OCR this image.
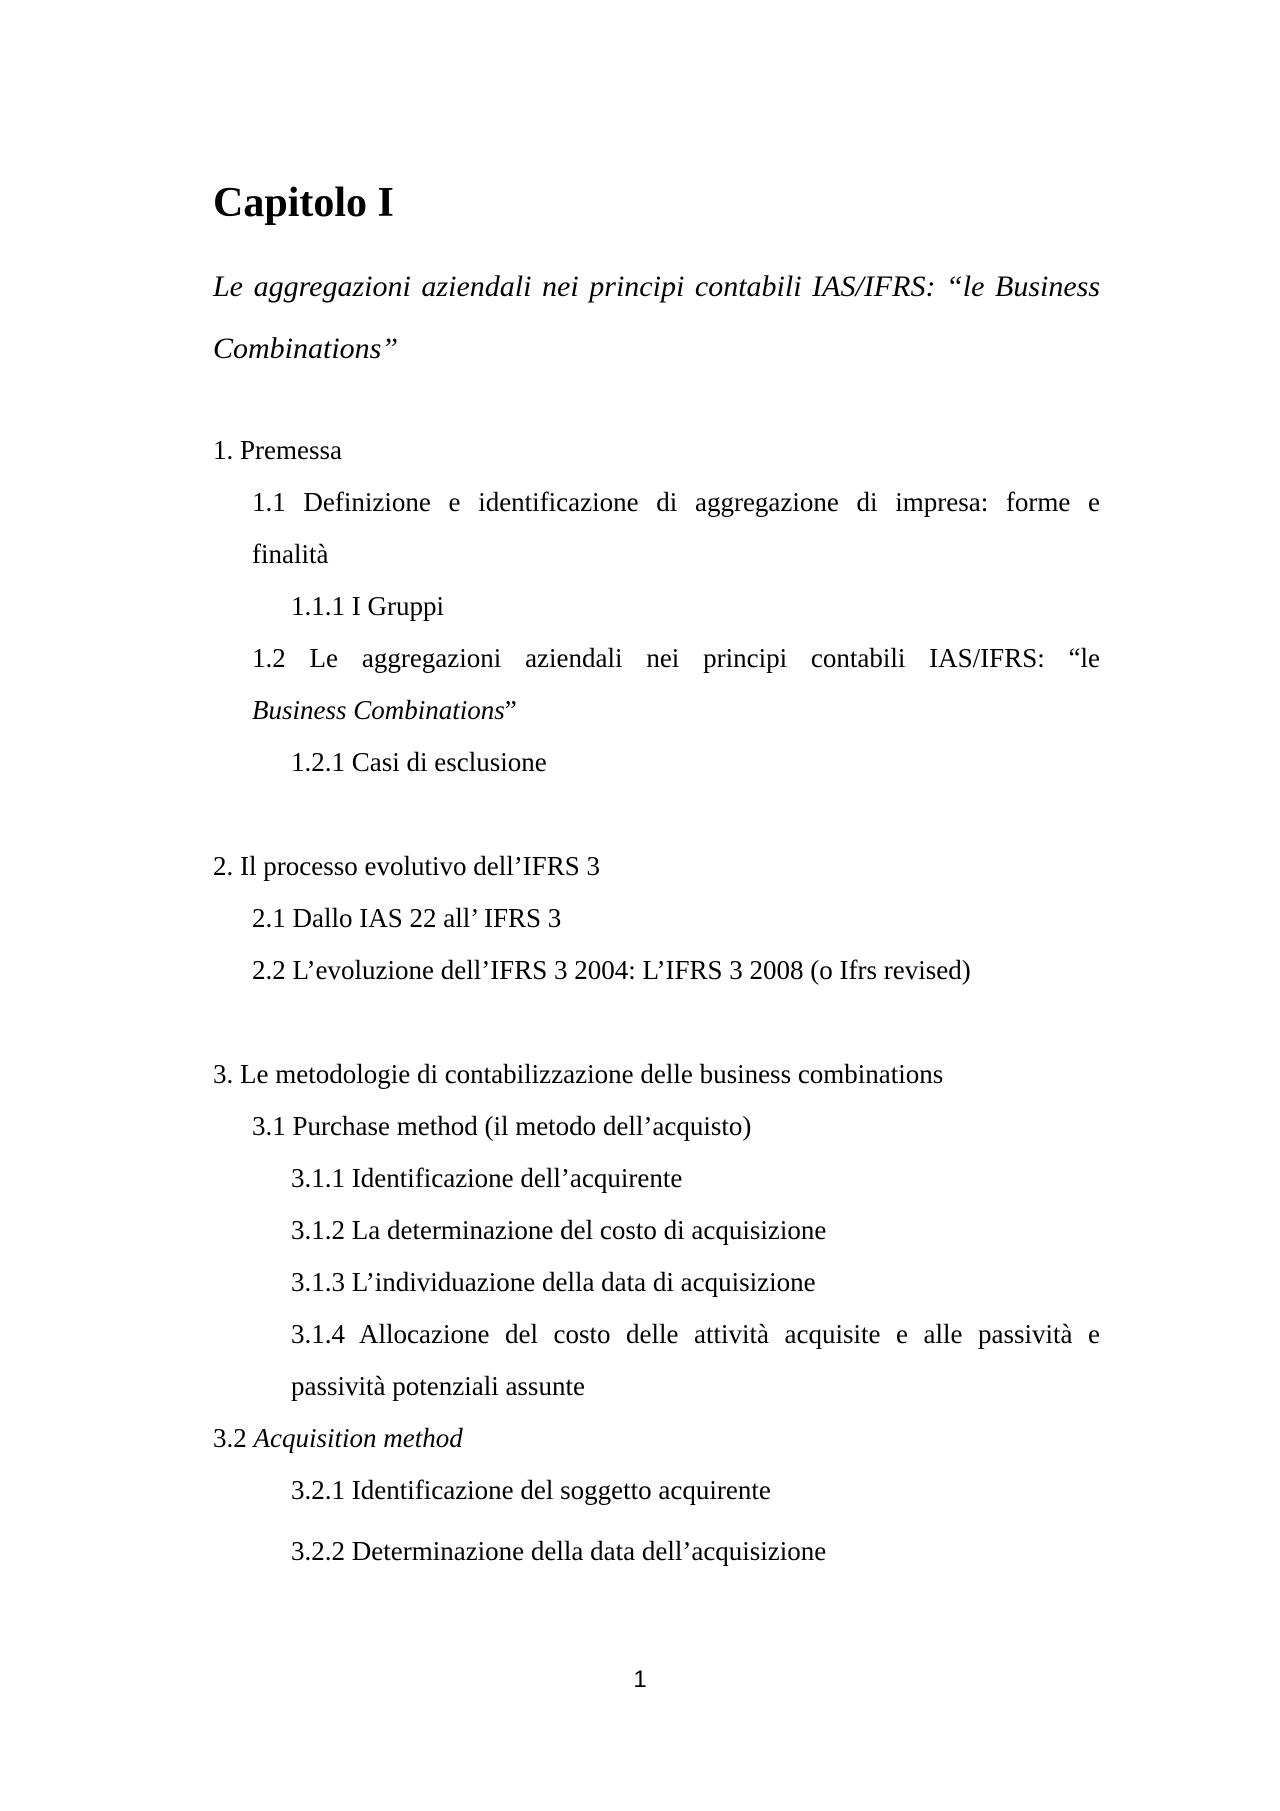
Capitolo I

Le aggregazioni aziendali nei principi contabili IAS/IFRS: “le Business Combinations”

1. Premessa
1.1 Definizione e identificazione di aggregazione di impresa: forme e
finalità
1.1.1 I Gruppi
1.2 Le aggregazioni aziendali nei principi contabili IAS/IFRS: “le
Business Combinations”
1.2.1 Casi di esclusione
2. Il processo evolutivo dell’IFRS 3
2.1 Dallo IAS 22 all’ IFRS 3
2.2 L’evoluzione dell’IFRS 3 2004: L’IFRS 3 2008 (o Ifrs revised)
3. Le metodologie di contabilizzazione delle business combinations
3.1 Purchase method (il metodo dell’acquisto)
3.1.1 Identificazione dell’acquirente
3.1.2 La determinazione del costo di acquisizione
3.1.3 L’individuazione della data di acquisizione
3.1.4 Allocazione del costo delle attività acquisite e alle passività e
passività potenziali assunte
3.2 Acquisition method
3.2.1 Identificazione del soggetto acquirente
3.2.2 Determinazione della data dell’acquisizione
1
